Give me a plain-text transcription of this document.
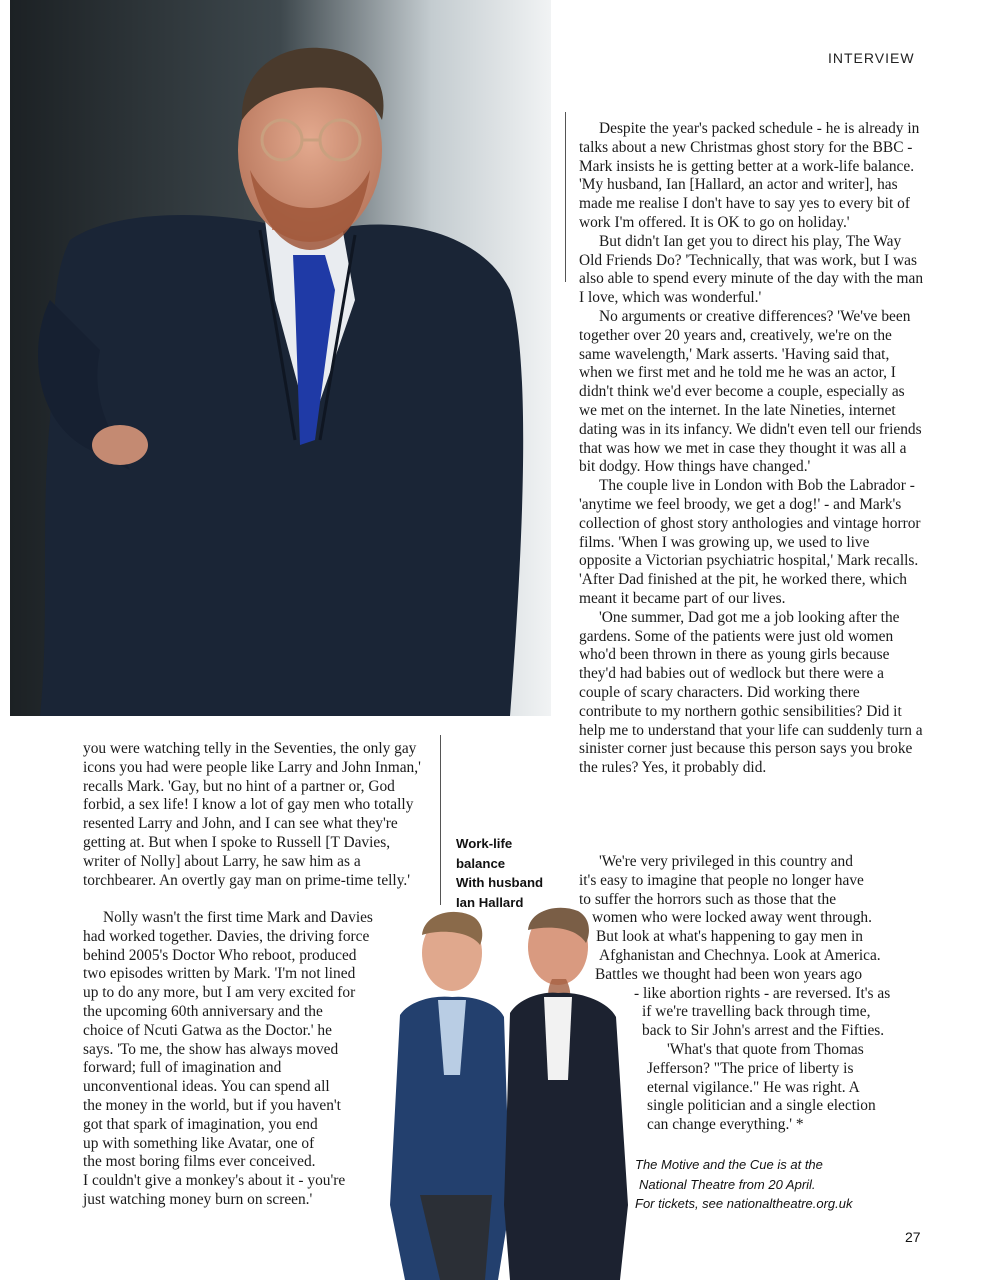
INTERVIEW

Despite the year's packed schedule - he is already in talks about a new Christmas ghost story for the BBC - Mark insists he is getting better at a work-life balance. 'My husband, Ian [Hallard, an actor and writer], has made me realise I don't have to say yes to every bit of work I'm offered. It is OK to go on holiday.'

But didn't Ian get you to direct his play, The Way Old Friends Do? 'Technically, that was work, but I was also able to spend every minute of the day with the man I love, which was wonderful.'

No arguments or creative differences? 'We've been together over 20 years and, creatively, we're on the same wavelength,' Mark asserts. 'Having said that, when we first met and he told me he was an actor, I didn't think we'd ever become a couple, especially as we met on the internet. In the late Nineties, internet dating was in its infancy. We didn't even tell our friends that was how we met in case they thought it was all a bit dodgy. How things have changed.'

The couple live in London with Bob the Labrador - 'anytime we feel broody, we get a dog!' - and Mark's collection of ghost story anthologies and vintage horror films. 'When I was growing up, we used to live opposite a Victorian psychiatric hospital,' Mark recalls. 'After Dad finished at the pit, he worked there, which meant it became part of our lives.

'One summer, Dad got me a job looking after the gardens. Some of the patients were just old women who'd been thrown in there as young girls because they'd had babies out of wedlock but there were a couple of scary characters. Did working there contribute to my northern gothic sensibilities? Did it help me to understand that your life can suddenly turn a sinister corner just because this person says you broke the rules? Yes, it probably did.

'We're very privileged in this country and
it's easy to imagine that people no longer have
to suffer the horrors such as those that the
women who were locked away went through.
But look at what's happening to gay men in
Afghanistan and Chechnya. Look at America.
Battles we thought had been won years ago
- like abortion rights - are reversed. It's as
if we're travelling back through time,
back to Sir John's arrest and the Fifties.
'What's that quote from Thomas
Jefferson? "The price of liberty is
eternal vigilance." He was right. A
single politician and a single election
can change everything.' *

you were watching telly in the Seventies, the only gay icons you had were people like Larry and John Inman,' recalls Mark. 'Gay, but no hint of a partner or, God forbid, a sex life! I know a lot of gay men who totally resented Larry and John, and I can see what they're getting at. But when I spoke to Russell [T Davies, writer of Nolly] about Larry, he saw him as a torchbearer. An overtly gay man on prime-time telly.'

Nolly wasn't the first time Mark and Davies
had worked together. Davies, the driving force
behind 2005's Doctor Who reboot, produced
two episodes written by Mark. 'I'm not lined
up to do any more, but I am very excited for
the upcoming 60th anniversary and the
choice of Ncuti Gatwa as the Doctor.' he
says. 'To me, the show has always moved
forward; full of imagination and
unconventional ideas. You can spend all
the money in the world, but if you haven't
got that spark of imagination, you end
up with something like Avatar, one of
the most boring films ever conceived.
I couldn't give a monkey's about it - you're
just watching money burn on screen.'
Work-life
balance
With husband
Ian Hallard
The Motive and the Cue is at the
National Theatre from 20 April.
For tickets, see nationaltheatre.org.uk
27
